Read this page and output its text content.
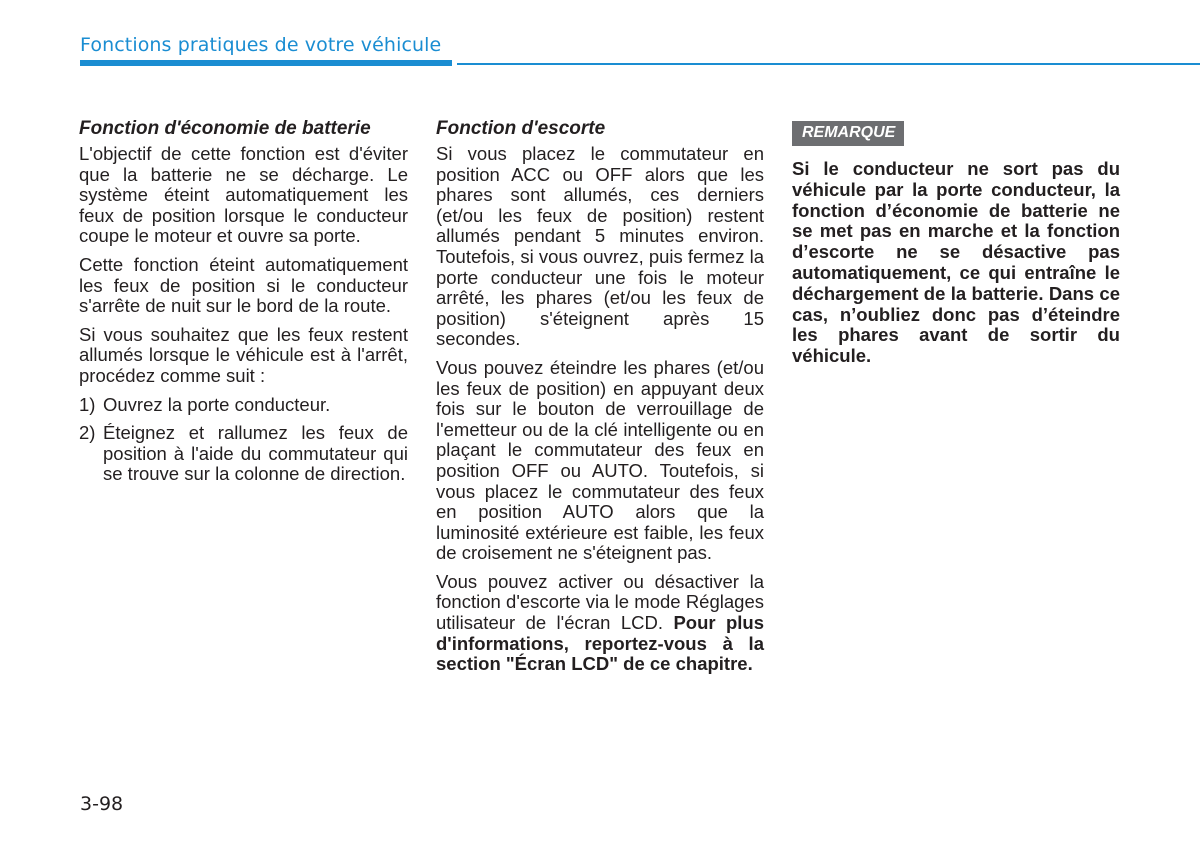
Fonctions pratiques de votre véhicule
Fonction d'économie de batterie

L'objectif de cette fonction est d'éviter que la batterie ne se décharge. Le système éteint automatiquement les feux de position lorsque le conducteur coupe le moteur et ouvre sa porte.

Cette fonction éteint automatiquement les feux de position si le conducteur s'arrête de nuit sur le bord de la route.

Si vous souhaitez que les feux restent allumés lorsque le véhicule est à l'arrêt, procédez comme suit :

1) Ouvrez la porte conducteur.
2) Éteignez et rallumez les feux de position à l'aide du commutateur qui se trouve sur la colonne de direction.
Fonction d'escorte

Si vous placez le commutateur en position ACC ou OFF alors que les phares sont allumés, ces derniers (et/ou les feux de position) restent allumés pendant 5 minutes environ. Toutefois, si vous ouvrez, puis fermez la porte conducteur une fois le moteur arrêté, les phares (et/ou les feux de position) s'éteignent après 15 secondes.

Vous pouvez éteindre les phares (et/ou les feux de position) en appuyant deux fois sur le bouton de verrouillage de l'emetteur ou de la clé intelligente ou en plaçant le commutateur des feux en position OFF ou AUTO. Toutefois, si vous placez le commutateur des feux en position AUTO alors que la luminosité extérieure est faible, les feux de croisement ne s'éteignent pas.

Vous pouvez activer ou désactiver la fonction d'escorte via le mode Réglages utilisateur de l'écran LCD. Pour plus d'informations, reportez-vous à la section "Écran LCD" de ce chapitre.

REMARQUE

Si le conducteur ne sort pas du véhicule par la porte conducteur, la fonction d’économie de batterie ne se met pas en marche et la fonction d’escorte ne se désactive pas automatiquement, ce qui entraîne le déchargement de la batterie. Dans ce cas, n’oubliez donc pas d’éteindre les phares avant de sortir du véhicule.

3-98
